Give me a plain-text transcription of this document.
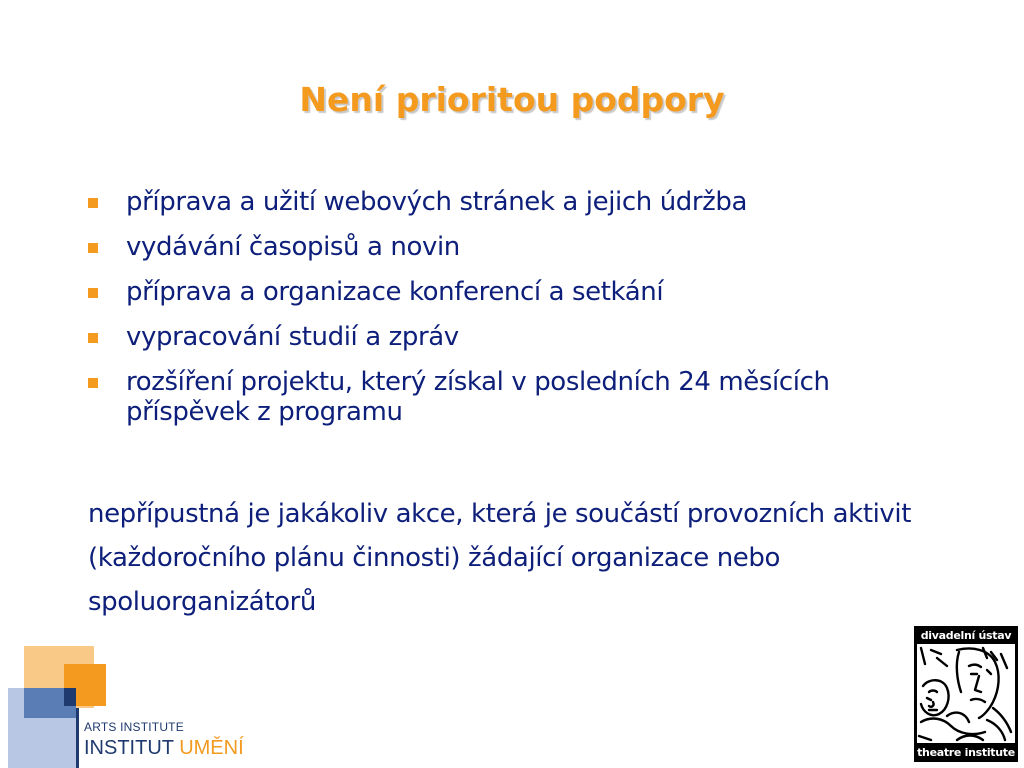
Není prioritou podpory
příprava a užití webových stránek a jejich údržba
vydávání časopisů a novin
příprava a organizace konferencí a setkání
vypracování studií a zpráv
rozšíření projektu, který získal v posledních 24 měsících příspěvek z programu

nepřípustná je jakákoliv akce, která je součástí provozních aktivit (každoročního plánu činnosti) žádající organizace nebo spoluorganizátorů

ARTS INSTITUTE
INSTITUT UMĚNÍ
divadelní ústav
theatre institute
